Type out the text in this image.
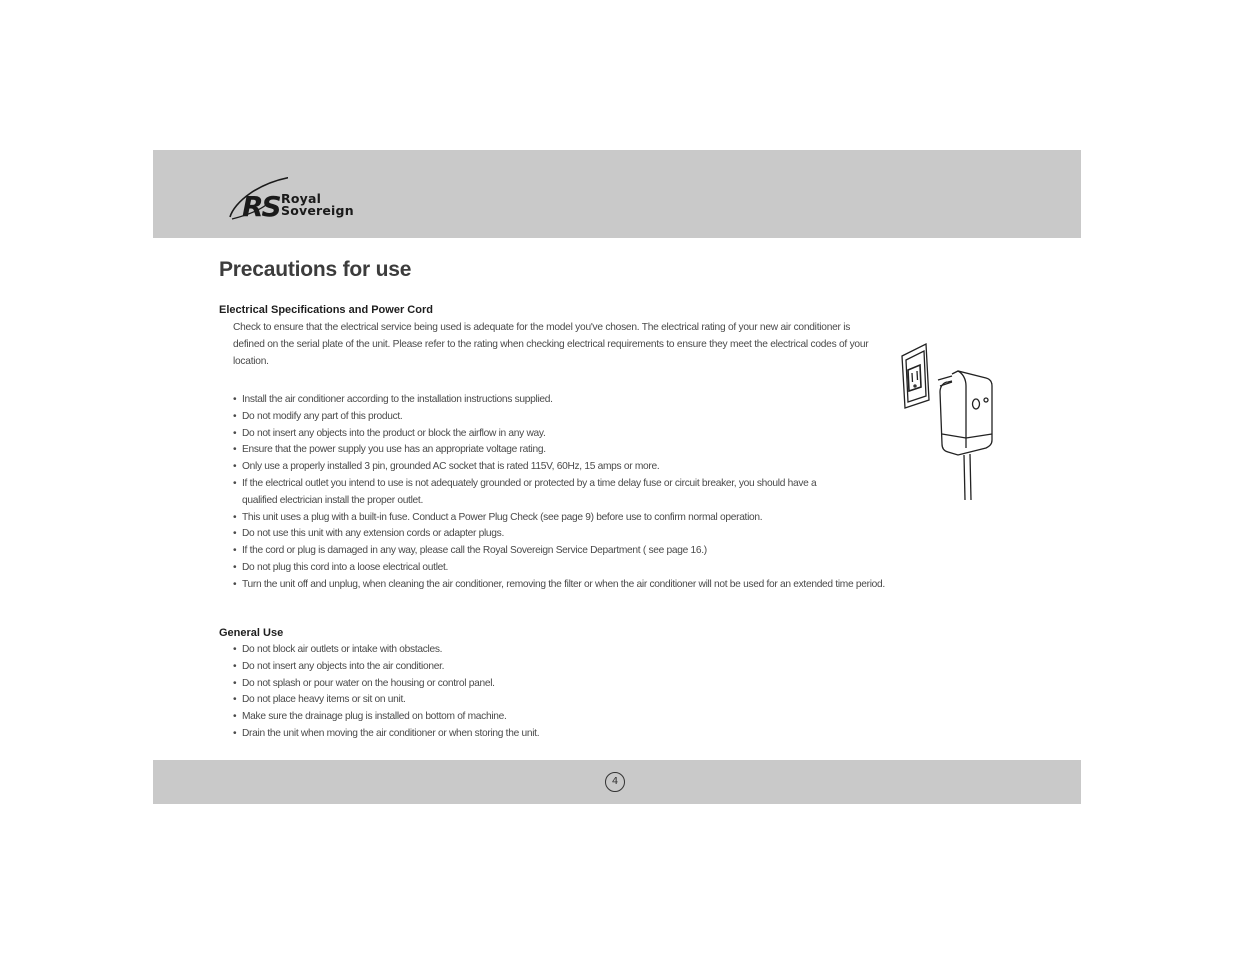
RS Royal
Sovereign
Precautions for use
Electrical Specifications and Power Cord

Check to ensure that the electrical service being used is adequate for the model you've chosen. The electrical rating of your new air conditioner is defined on the serial plate of the unit. Please refer to the rating when checking electrical requirements to ensure they meet the electrical codes of your location.

• Install the air conditioner according to the installation instructions supplied.
• Do not modify any part of this product.
• Do not insert any objects into the product or block the airflow in any way.
• Ensure that the power supply you use has an appropriate voltage rating.
• Only use a properly installed 3 pin, grounded AC socket that is rated 115V, 60Hz, 15 amps or more.
• If the electrical outlet you intend to use is not adequately grounded or protected by a time delay fuse or circuit breaker, you should have a qualified electrician install the proper outlet.
• This unit uses a plug with a built-in fuse. Conduct a Power Plug Check (see page 9) before use to confirm normal operation.
• Do not use this unit with any extension cords or adapter plugs.
• If the cord or plug is damaged in any way, please call the Royal Sovereign Service Department ( see page 16.)
• Do not plug this cord into a loose electrical outlet.
• Turn the unit off and unplug, when cleaning the air conditioner, removing the filter or when the air conditioner will not be used for an extended time period.
General Use
• Do not block air outlets or intake with obstacles.
• Do not insert any objects into the air conditioner.
• Do not splash or pour water on the housing or control panel.
• Do not place heavy items or sit on unit.
• Make sure the drainage plug is installed on bottom of machine.
• Drain the unit when moving the air conditioner or when storing the unit.
4
